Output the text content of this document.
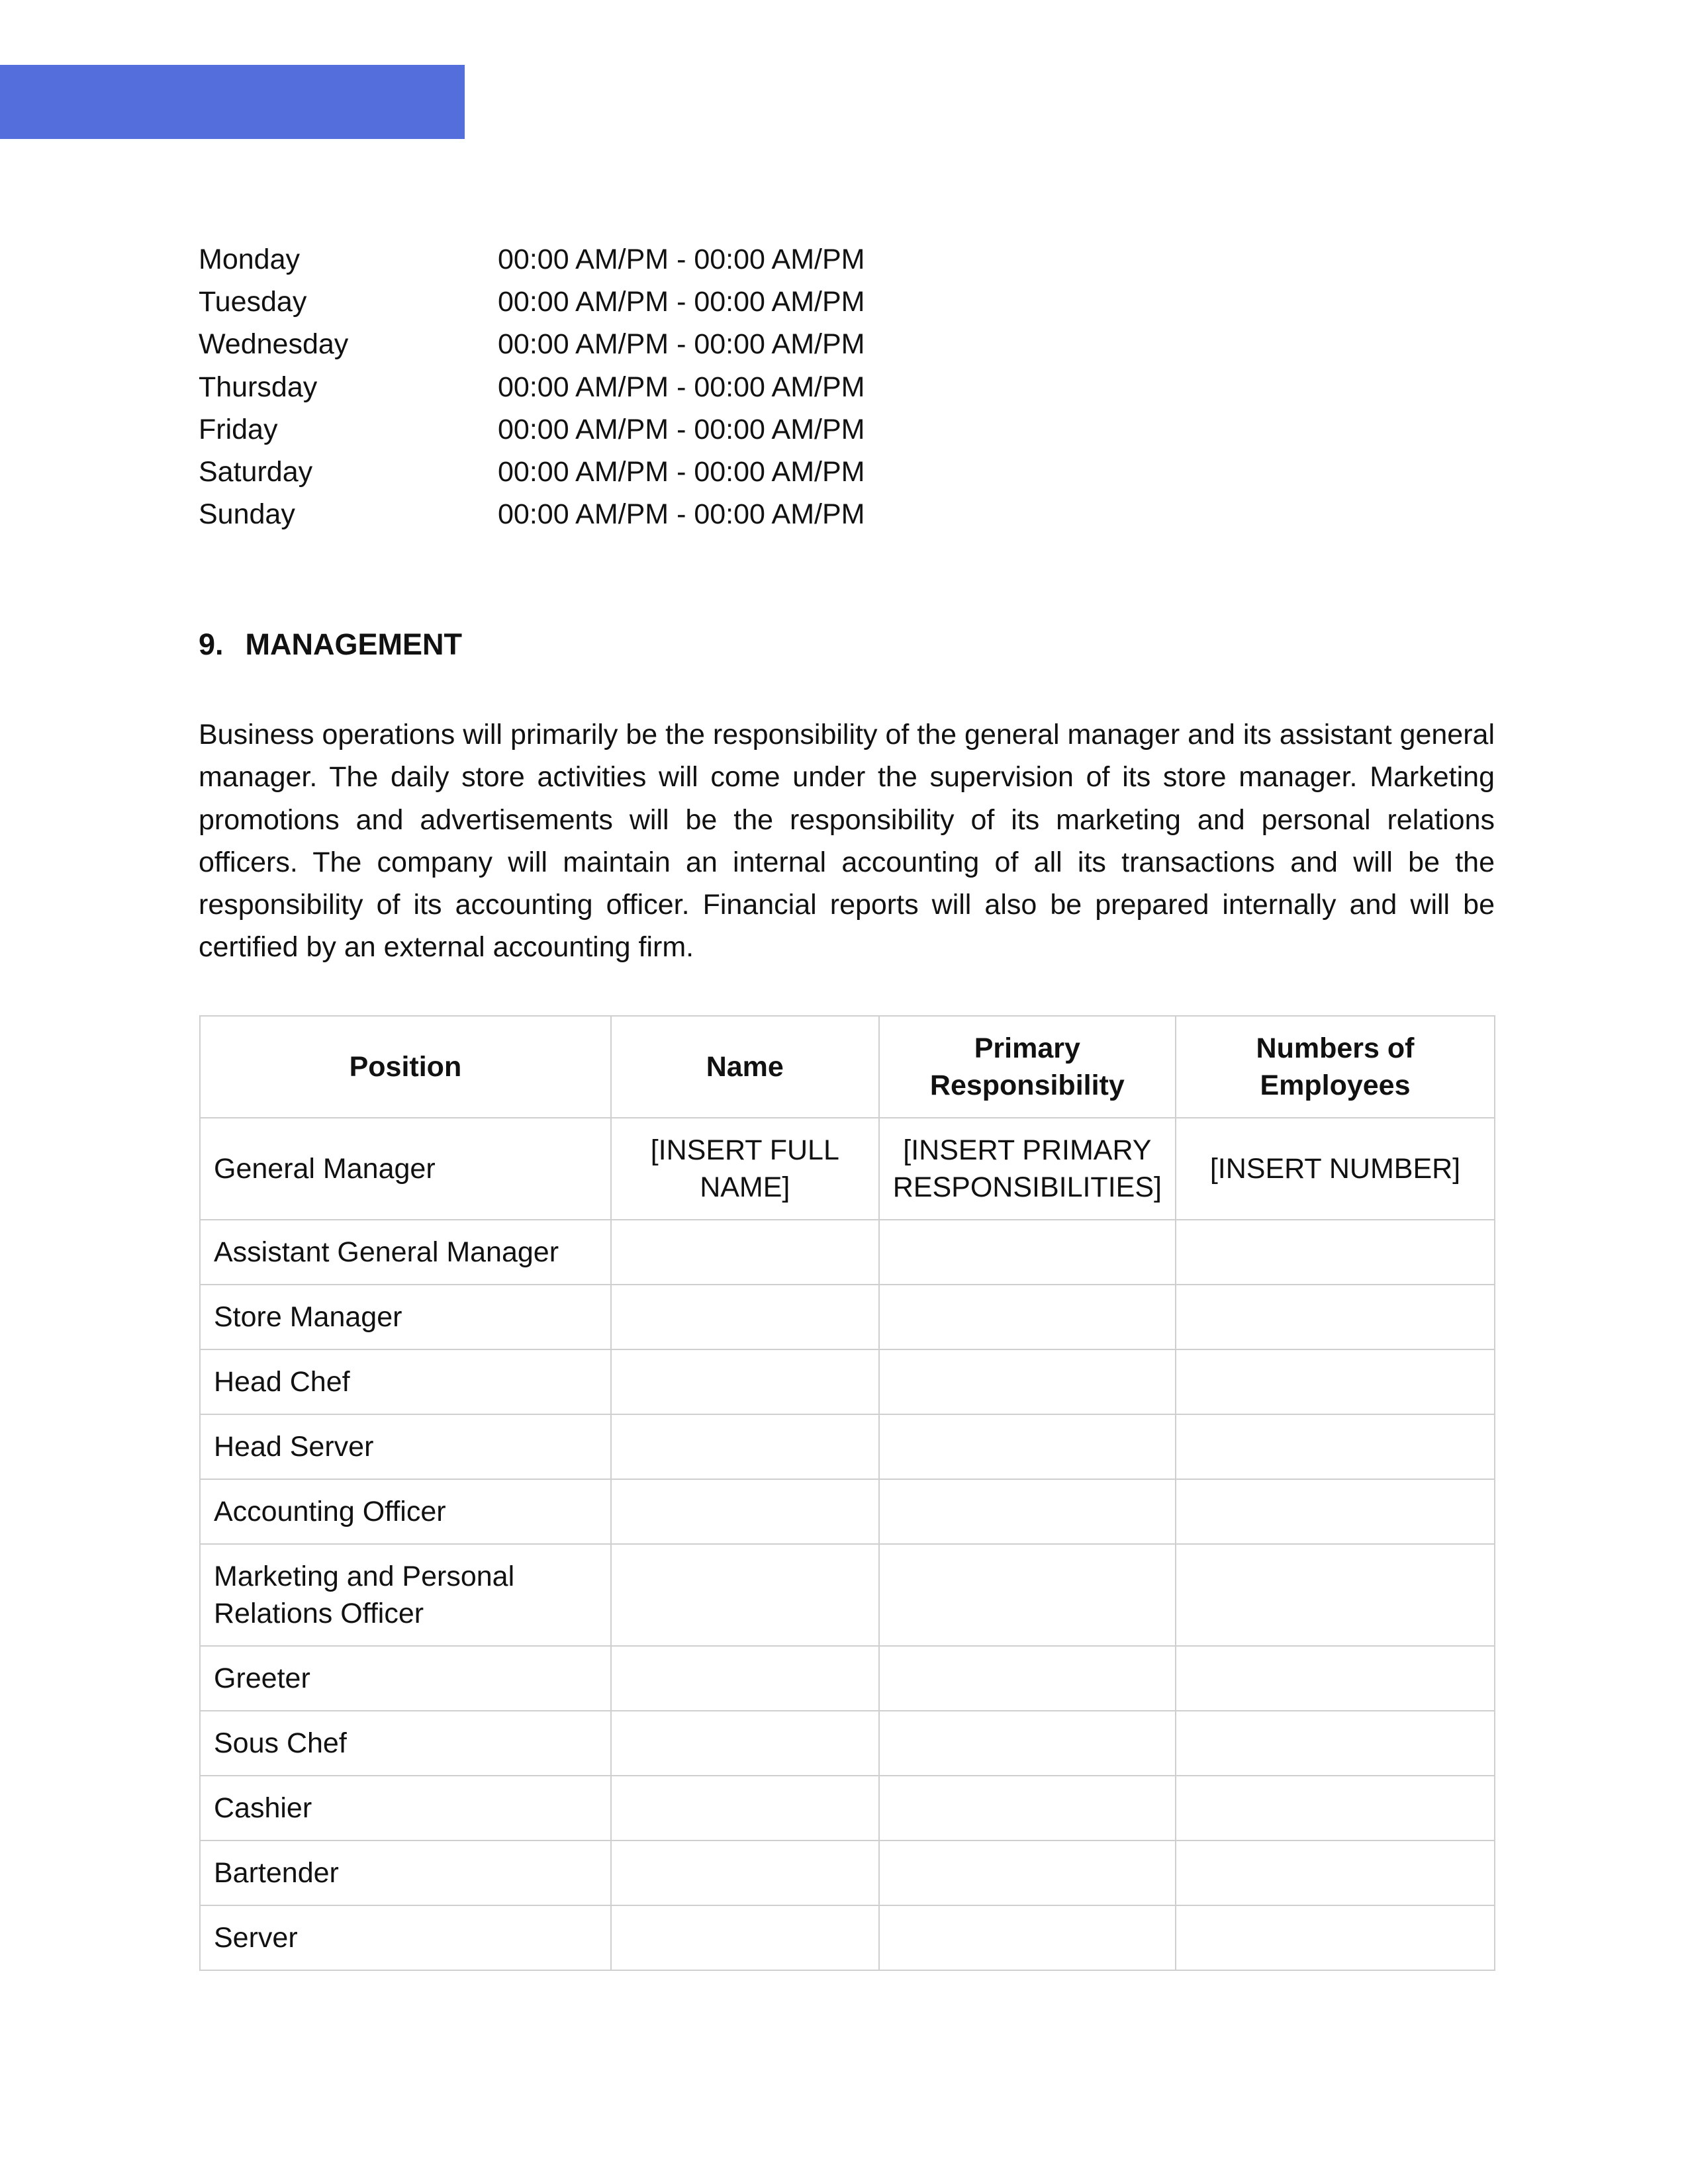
Monday	00:00 AM/PM - 00:00 AM/PM
Tuesday	00:00 AM/PM - 00:00 AM/PM
Wednesday	00:00 AM/PM - 00:00 AM/PM
Thursday	00:00 AM/PM - 00:00 AM/PM
Friday	00:00 AM/PM - 00:00 AM/PM
Saturday	00:00 AM/PM - 00:00 AM/PM
Sunday	00:00 AM/PM - 00:00 AM/PM
9. MANAGEMENT

Business operations will primarily be the responsibility of the general manager and its assistant general manager. The daily store activities will come under the supervision of its store manager. Marketing promotions and advertisements will be the responsibility of its marketing and personal relations officers. The company will maintain an internal accounting of all its transactions and will be the responsibility of its accounting officer. Financial reports will also be prepared internally and will be certified by an external accounting firm.

Position	Name	Primary Responsibility	Numbers of Employees
General Manager	[INSERT FULL NAME]	[INSERT PRIMARY RESPONSIBILITIES]	[INSERT NUMBER]
Assistant General Manager			
Store Manager			
Head Chef			
Head Server			
Accounting Officer			
Marketing and Personal Relations Officer			
Greeter			
Sous Chef			
Cashier			
Bartender			
Server			
